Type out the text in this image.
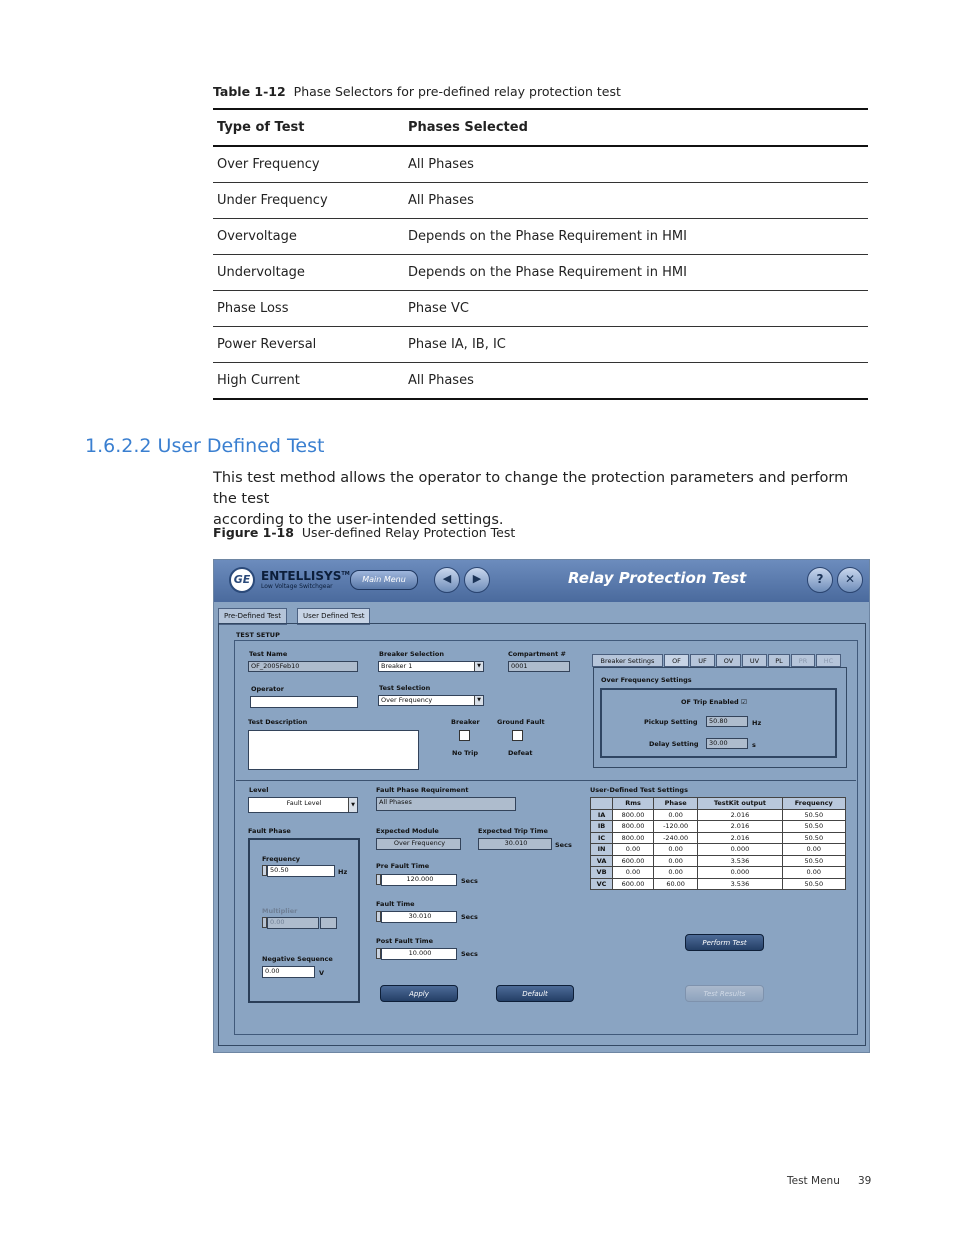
Table 1-12 Phase Selectors for pre-defined relay protection test
Type of Test	Phases Selected
Over Frequency	All Phases
Under Frequency	All Phases
Overvoltage	Depends on the Phase Requirement in HMI
Undervoltage	Depends on the Phase Requirement in HMI
Phase Loss	Phase VC
Power Reversal	Phase IA, IB, IC
High Current	All Phases
1.6.2.2 User Defined Test
This test method allows the operator to change the protection parameters and perform the test
according to the user-intended settings.
Figure 1-18 User-defined Relay Protection Test
GE ENTELLISYS™
Low Voltage Switchgear
Main Menu	◀	▶	Relay Protection Test	?	✕
Pre-Defined Test	User Defined Test
TEST SETUP
Test Name
OF_2005Feb10
Breaker Selection
Breaker 1	▼
Compartment #
0001
Operator	Test Selection
Over Frequency	▼
Test Description	Breaker
No Trip
Ground Fault
Defeat
Breaker Settings	OF	UF	OV	UV	PL	PR	HC
Over Frequency Settings
OF Trip Enabled ☑
Pickup Setting	50.80	Hz
Delay Setting	30.00	s
Level
Fault Level	▼
Fault Phase
Frequency
50.50	Hz
Multiplier
0.00
Negative Sequence
0.00	V
Fault Phase Requirement
All Phases
Expected Module
Over Frequency
Expected Trip Time
30.010	Secs
Pre Fault Time
120.000	Secs
Fault Time
30.010	Secs
Post Fault Time
10.000	Secs
Apply	Default
User-Defined Test Settings
	Rms	Phase	TestKit output	Frequency
IA	800.00	0.00	2.016	50.50
IB	800.00	-120.00	2.016	50.50
IC	800.00	-240.00	2.016	50.50
IN	0.00	0.00	0.000	0.00
VA	600.00	0.00	3.536	50.50
VB	0.00	0.00	0.000	0.00
VC	600.00	60.00	3.536	50.50
Perform Test
Test Results
Test Menu 39
